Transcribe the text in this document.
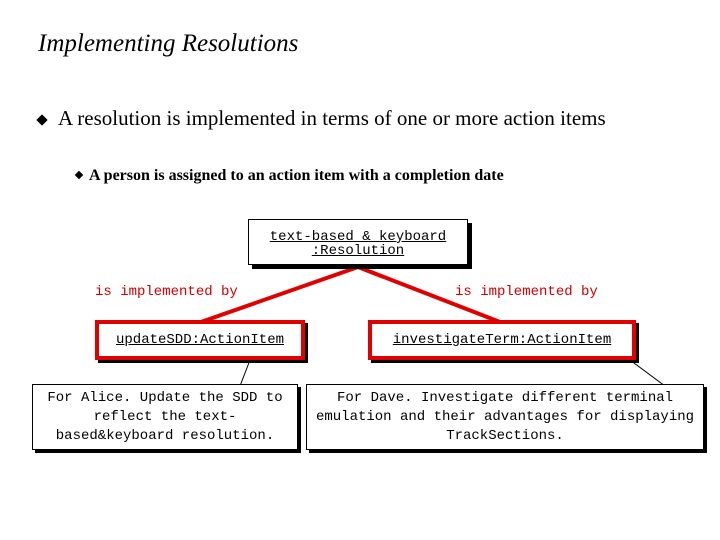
Implementing Resolutions
A resolution is implemented in terms of one or more action items
A person is assigned to an action item with a completion date
text-based & keyboard
:Resolution
is implemented by	is implemented by
updateSDD:ActionItem	investigateTerm:ActionItem
For Alice. Update the SDD to reflect the text-based&keyboard resolution.
For Dave. Investigate different terminal emulation and their advantages for displaying TrackSections.
